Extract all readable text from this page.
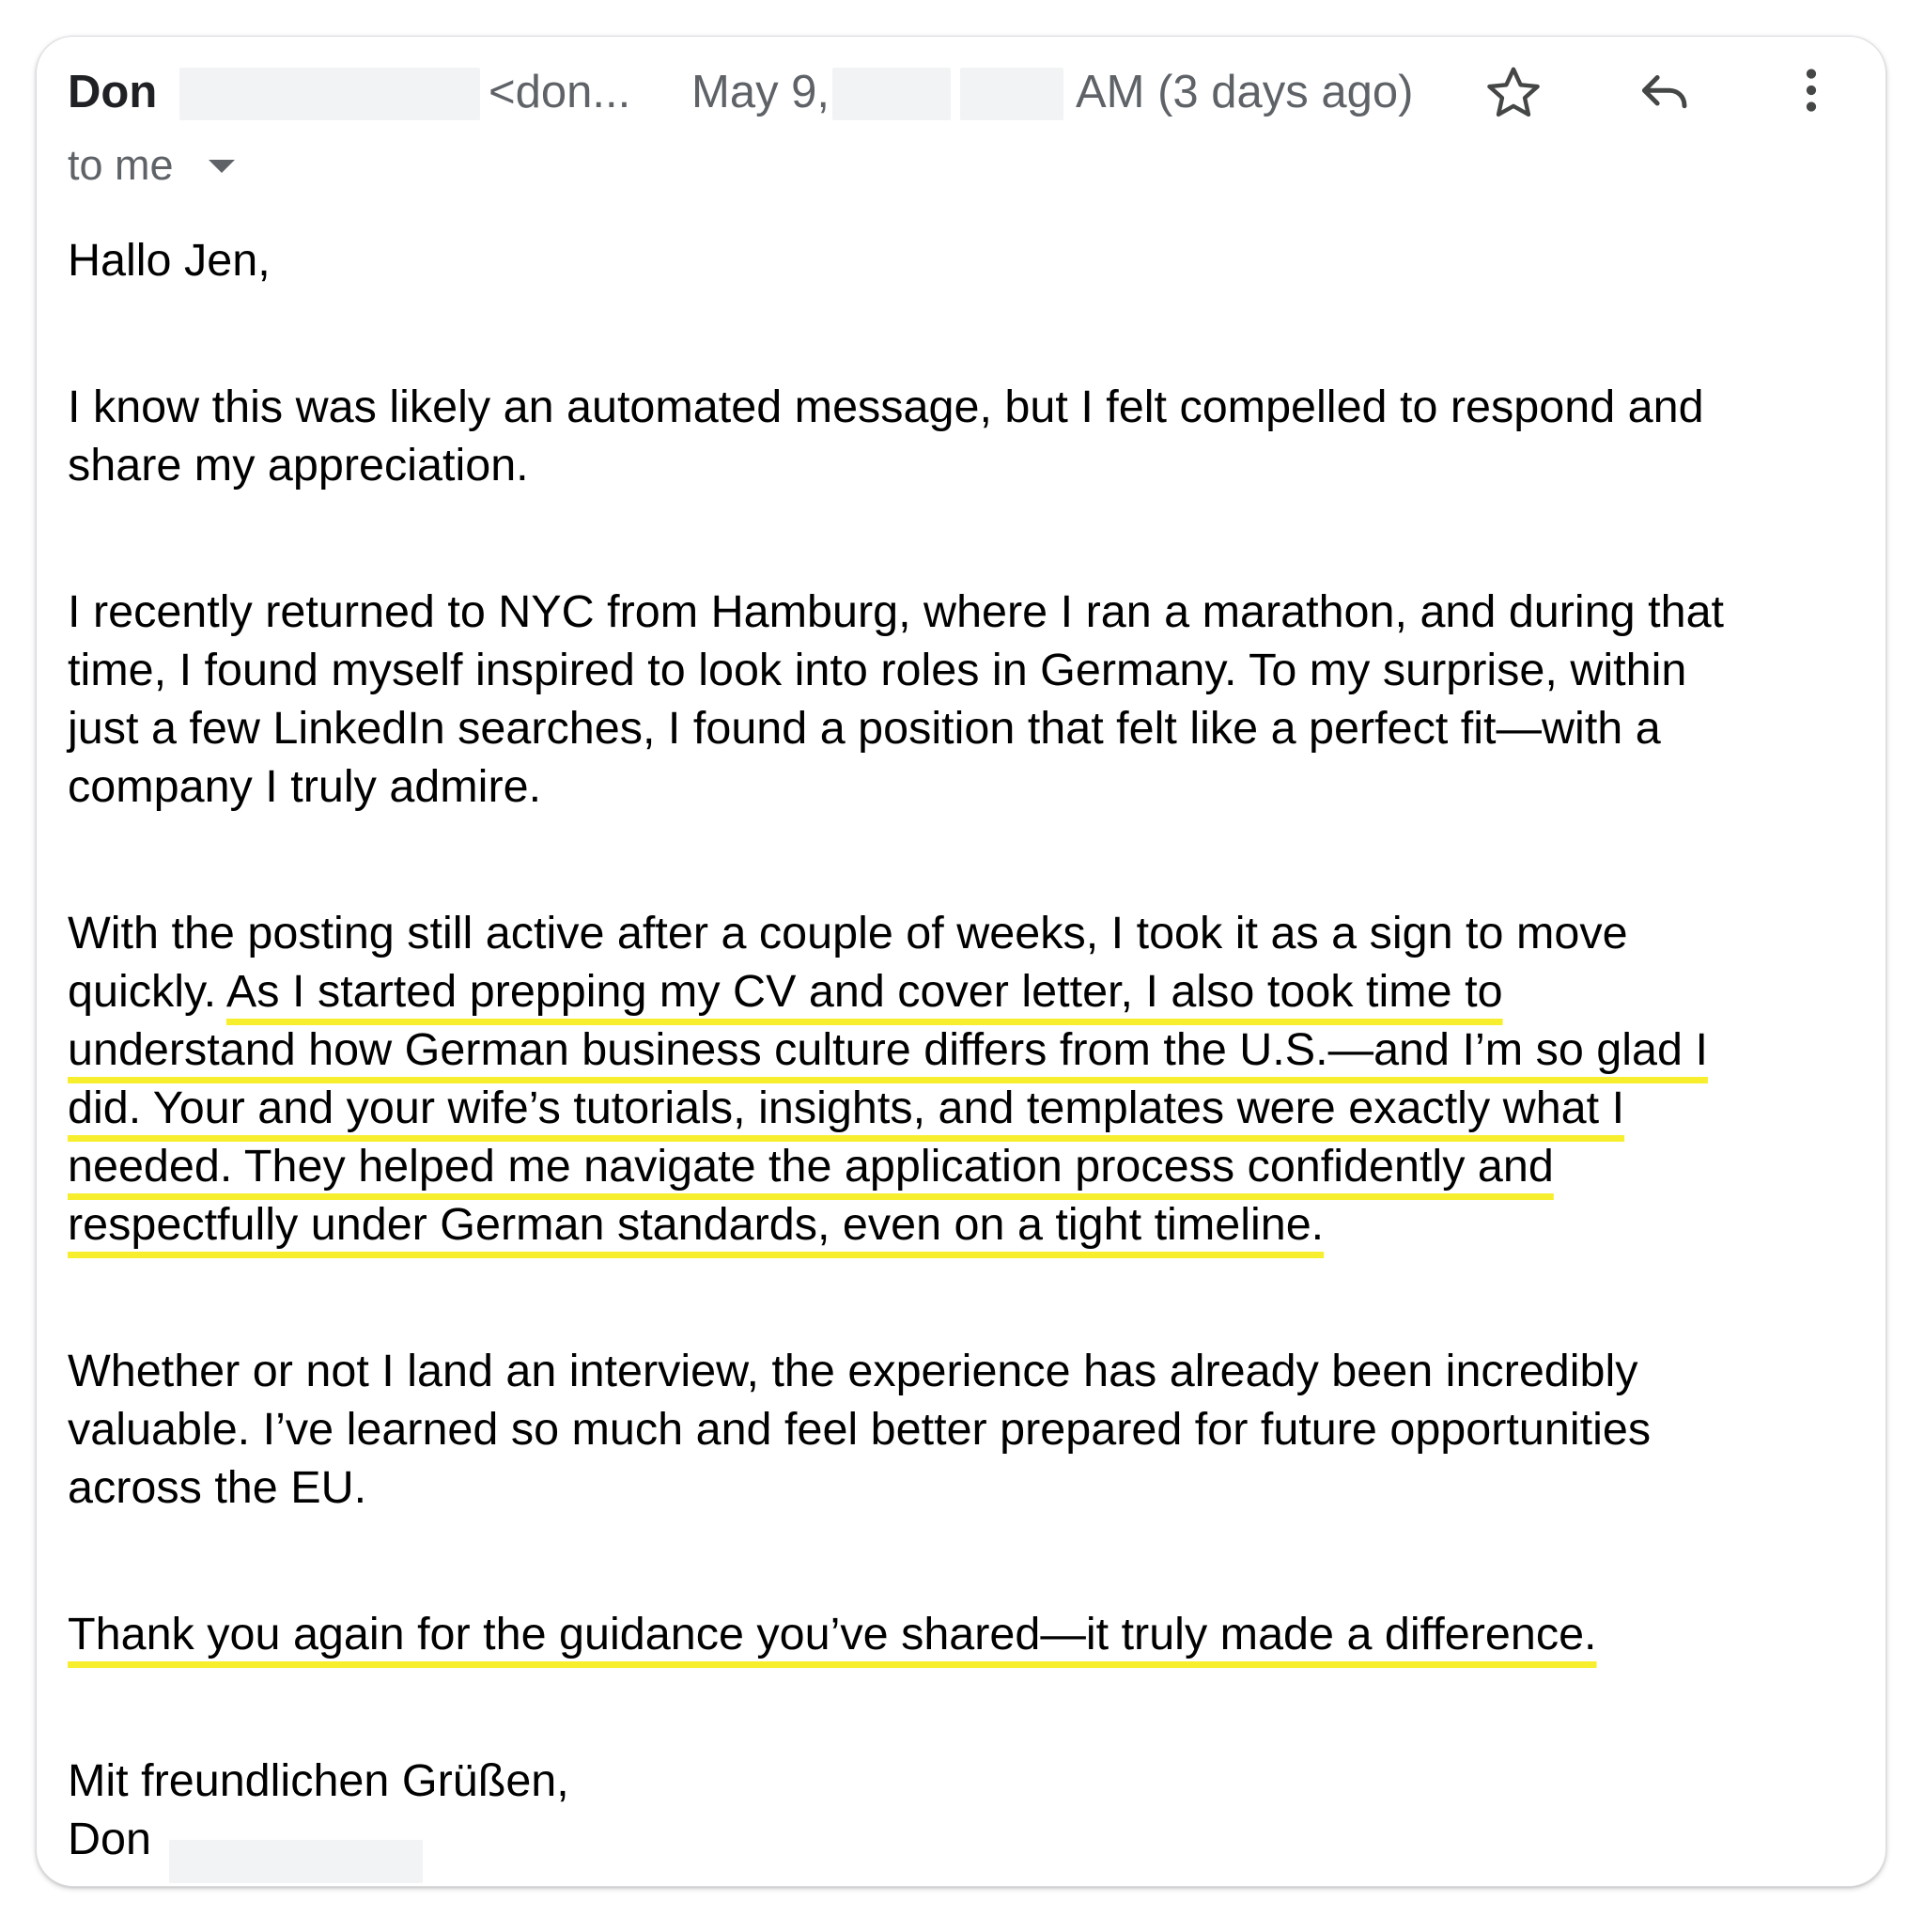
Don	<don... May 9,	AM (3 days ago)
to me

Hallo Jen,

I know this was likely an automated message, but I felt compelled to respond and
share my appreciation.

I recently returned to NYC from Hamburg, where I ran a marathon, and during that
time, I found myself inspired to look into roles in Germany. To my surprise, within
just a few LinkedIn searches, I found a position that felt like a perfect fit—with a
company I truly admire.

With the posting still active after a couple of weeks, I took it as a sign to move
quickly. As I started prepping my CV and cover letter, I also took time to
understand how German business culture differs from the U.S.—and I’m so glad I
did. Your and your wife’s tutorials, insights, and templates were exactly what I
needed. They helped me navigate the application process confidently and
respectfully under German standards, even on a tight timeline.

Whether or not I land an interview, the experience has already been incredibly
valuable. I’ve learned so much and feel better prepared for future opportunities
across the EU.

Thank you again for the guidance you’ve shared—it truly made a difference.

Mit freundlichen Grüßen,
Don
